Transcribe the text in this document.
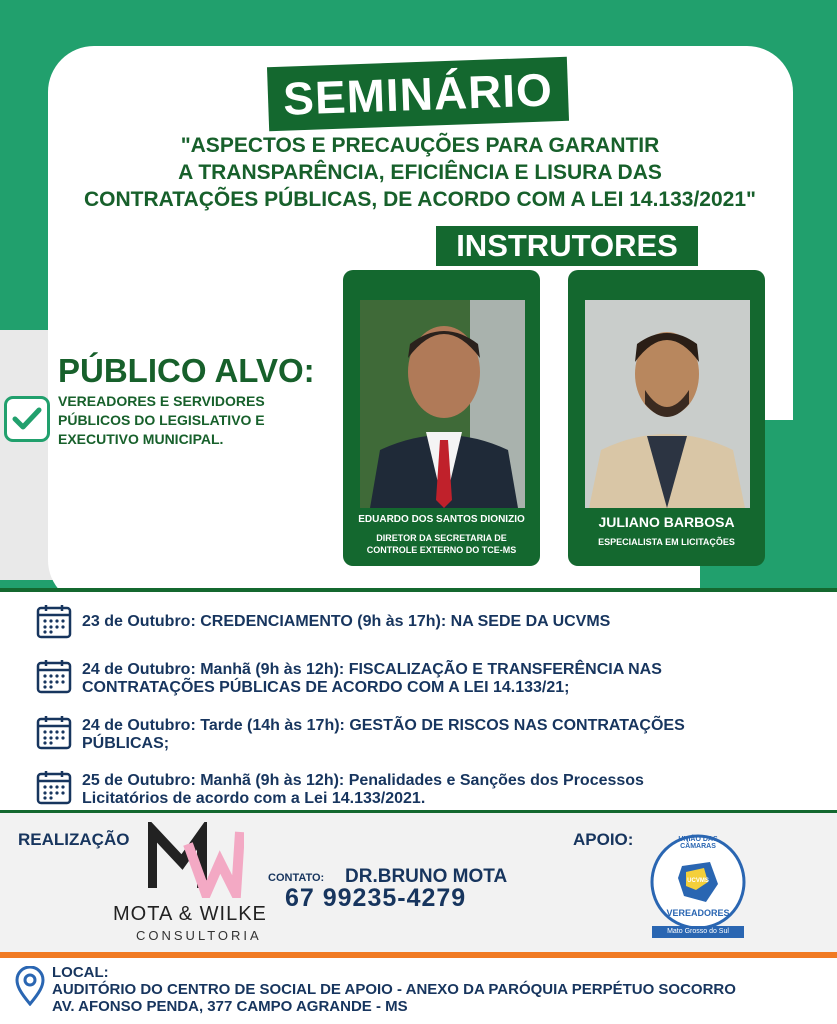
SEMINÁRIO
"ASPECTOS E PRECAUÇÕES PARA GARANTIR
A TRANSPARÊNCIA, EFICIÊNCIA E LISURA DAS
CONTRATAÇÕES PÚBLICAS, DE ACORDO COM A LEI 14.133/2021"
INSTRUTORES
EDUARDO DOS SANTOS DIONIZIO
DIRETOR DA SECRETARIA DE
CONTROLE EXTERNO DO TCE-MS
JULIANO BARBOSA
ESPECIALISTA EM LICITAÇÕES
PÚBLICO ALVO:
VEREADORES E SERVIDORES
PÚBLICOS DO LEGISLATIVO E
EXECUTIVO MUNICIPAL.
23 de Outubro: CREDENCIAMENTO (9h às 17h): NA SEDE DA UCVMS
24 de Outubro: Manhã (9h às 12h): FISCALIZAÇÃO E TRANSFERÊNCIA NAS
CONTRATAÇÕES PÚBLICAS DE ACORDO COM A LEI 14.133/21;
24 de Outubro: Tarde (14h às 17h): GESTÃO DE RISCOS NAS CONTRATAÇÕES
PÚBLICAS;
25 de Outubro: Manhã (9h às 12h): Penalidades e Sanções dos Processos
Licitatórios de acordo com a Lei 14.133/2021.
REALIZAÇÃO
MOTA & WILKE
CONSULTORIA
CONTATO: DR.BRUNO MOTA
67 99235-4279
APOIO:	UNIÃO DAS CÂMARAS
UCVMS
VEREADORES
Mato Grosso do Sul
LOCAL:
AUDITÓRIO DO CENTRO DE SOCIAL DE APOIO - ANEXO DA PARÓQUIA PERPÉTUO SOCORRO
AV. AFONSO PENDA, 377 CAMPO AGRANDE - MS
